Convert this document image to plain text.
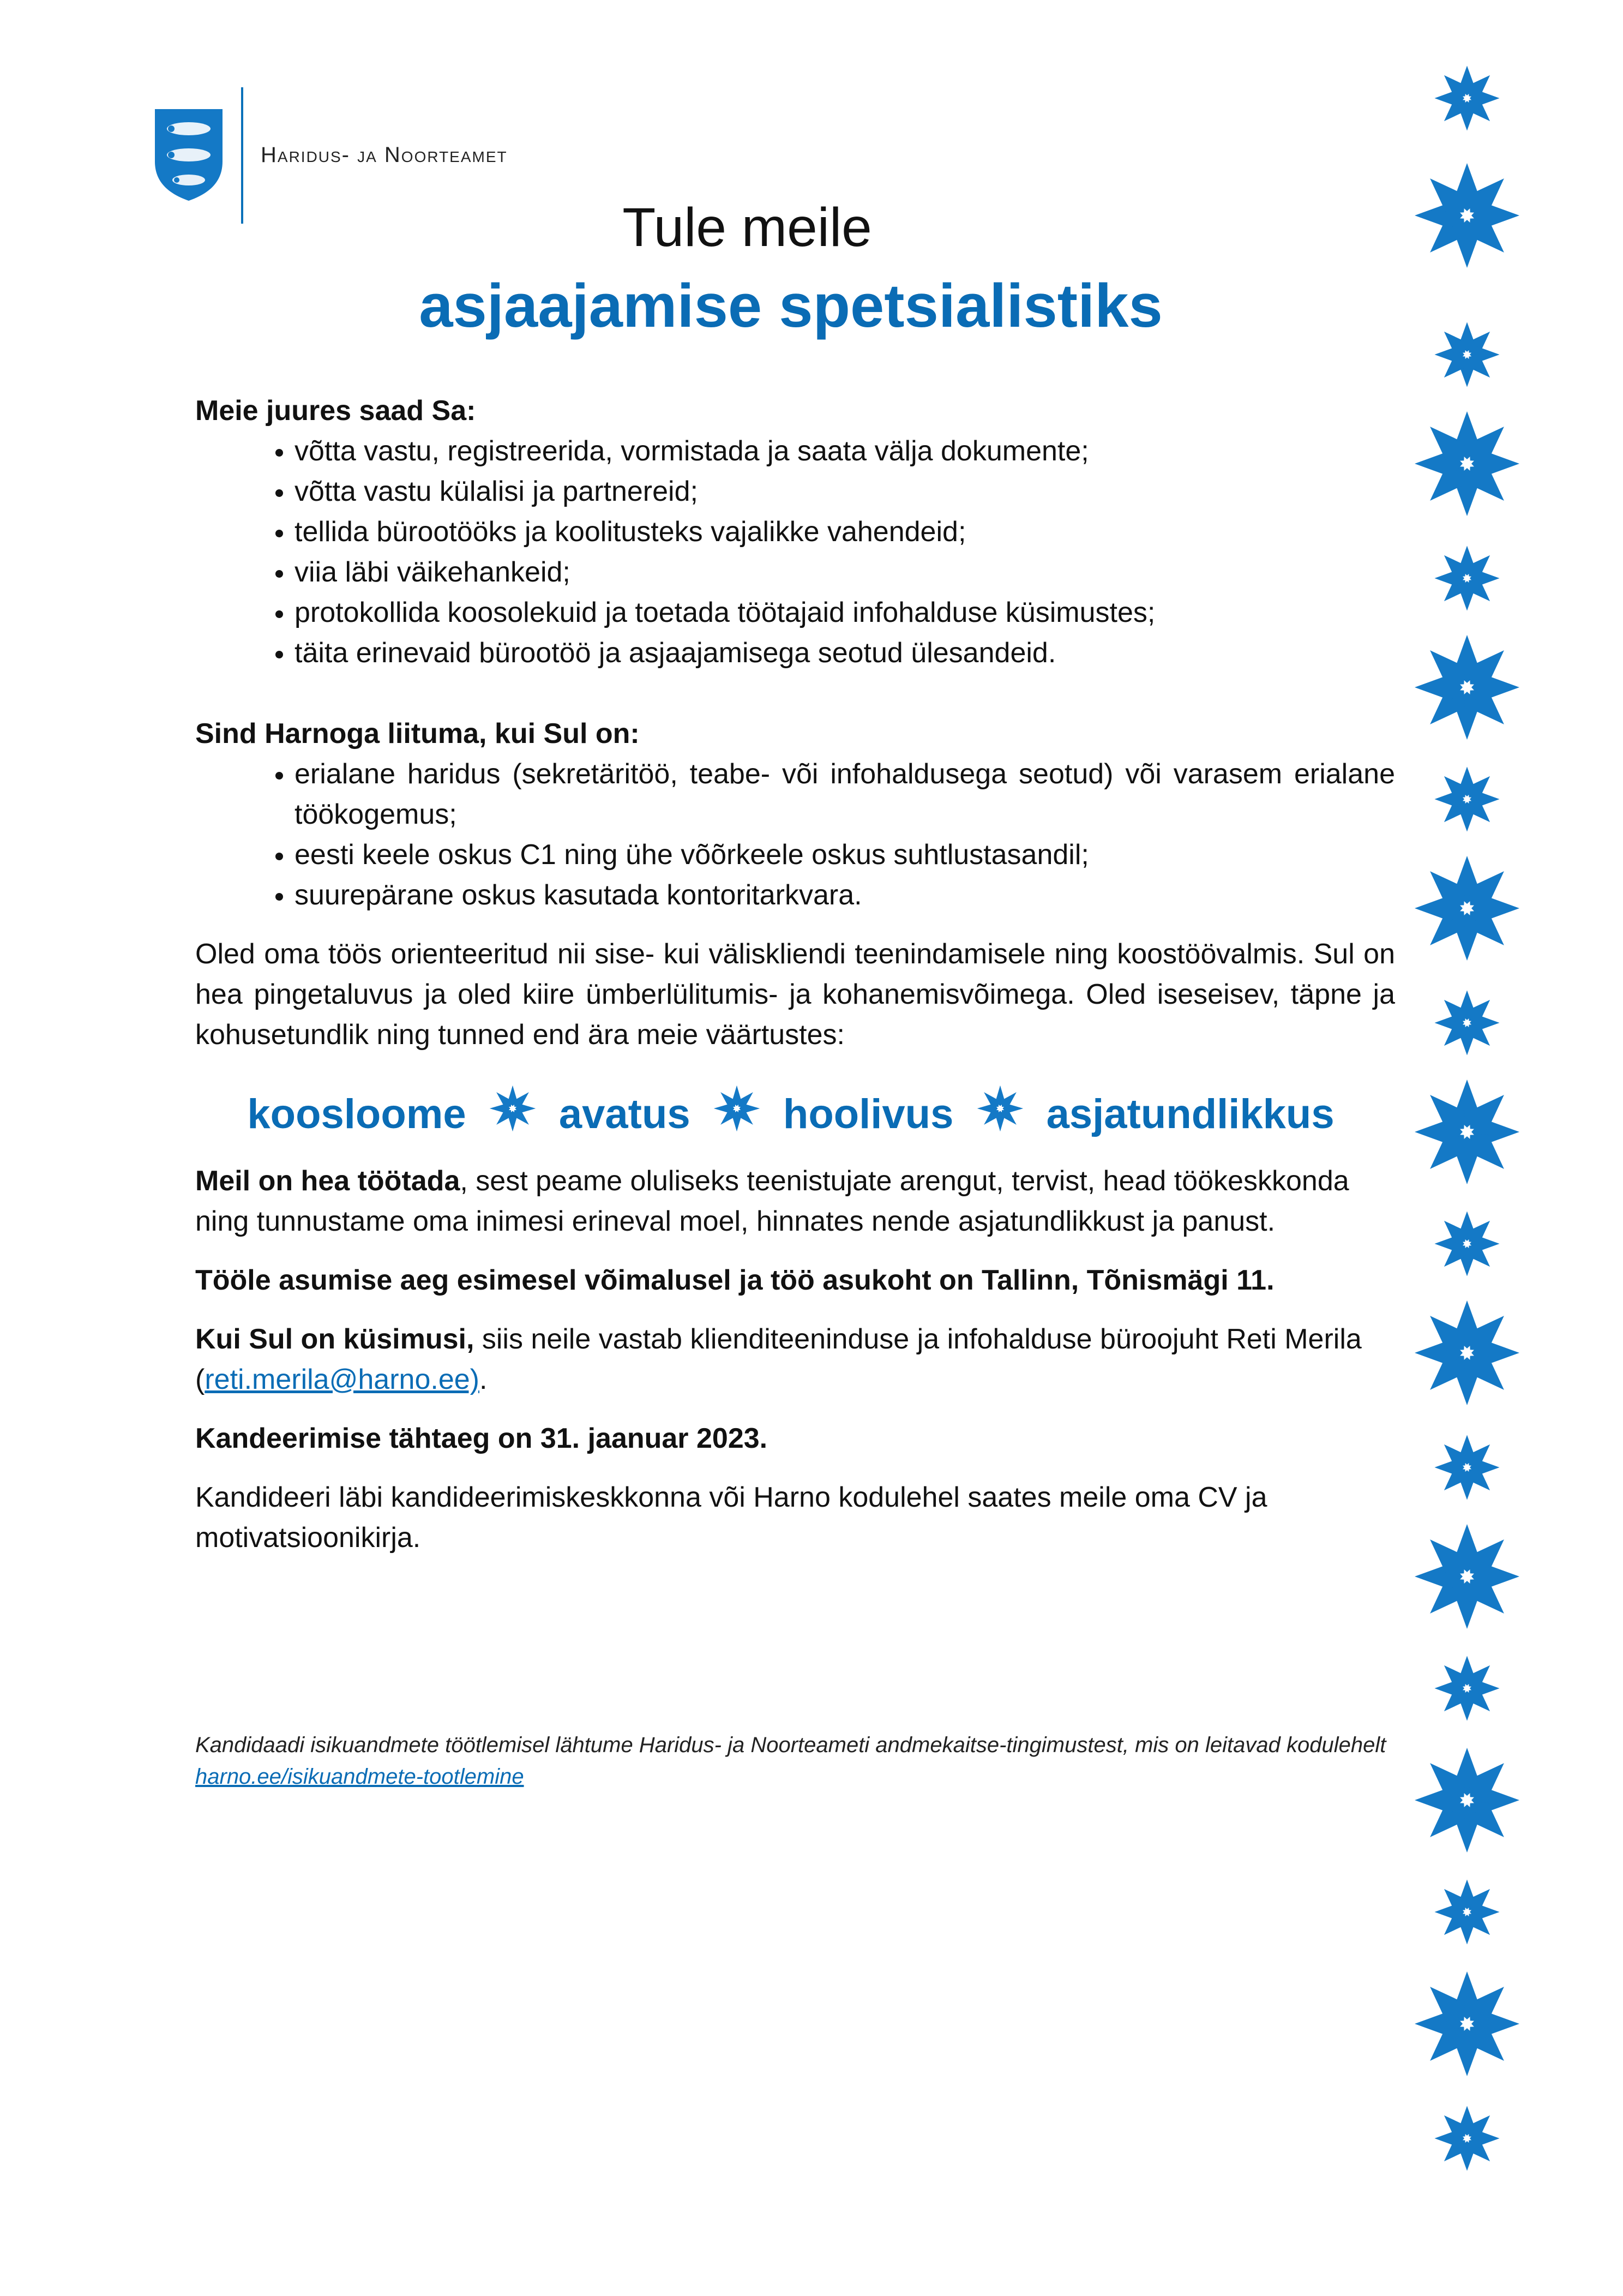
Haridus- ja Noorteamet
Tule meile
asjaajamise spetsialistiks

Meie juures saad Sa:

• võtta vastu, registreerida, vormistada ja saata välja dokumente;
• võtta vastu külalisi ja partnereid;
• tellida bürootööks ja koolitusteks vajalikke vahendeid;
• viia läbi väikehankeid;
• protokollida koosolekuid ja toetada töötajaid infohalduse küsimustes;
• täita erinevaid bürootöö ja asjaajamisega seotud ülesandeid.

Sind Harnoga liituma, kui Sul on:

• erialane haridus (sekretäritöö, teabe- või infohaldusega seotud) või varasem erialane töökogemus;
• eesti keele oskus C1 ning ühe võõrkeele oskus suhtlustasandil;
• suurepärane oskus kasutada kontoritarkvara.

Oled oma töös orienteeritud nii sise- kui väliskliendi teenindamisele ning koostöövalmis. Sul on hea pingetaluvus ja oled kiire ümberlülitumis- ja kohanemisvõimega. Oled iseseisev, täpne ja kohusetundlik ning tunned end ära meie väärtustes:

koosloome avatus hoolivus asjatundlikkus

Meil on hea töötada, sest peame oluliseks teenistujate arengut, tervist, head töökeskkonda ning tunnustame oma inimesi erineval moel, hinnates nende asjatundlikkust ja panust.

Tööle asumise aeg esimesel võimalusel ja töö asukoht on Tallinn, Tõnismägi 11.

Kui Sul on küsimusi, siis neile vastab klienditeeninduse ja infohalduse büroojuht Reti Merila (reti.merila@harno.ee).

Kandeerimise tähtaeg on 31. jaanuar 2023.

Kandideeri läbi kandideerimiskeskkonna või Harno kodulehel saates meile oma CV ja motivatsioonikirja.

Kandidaadi isikuandmete töötlemisel lähtume Haridus- ja Noorteameti andmekaitse-tingimustest, mis on leitavad kodulehelt harno.ee/isikuandmete-tootlemine
